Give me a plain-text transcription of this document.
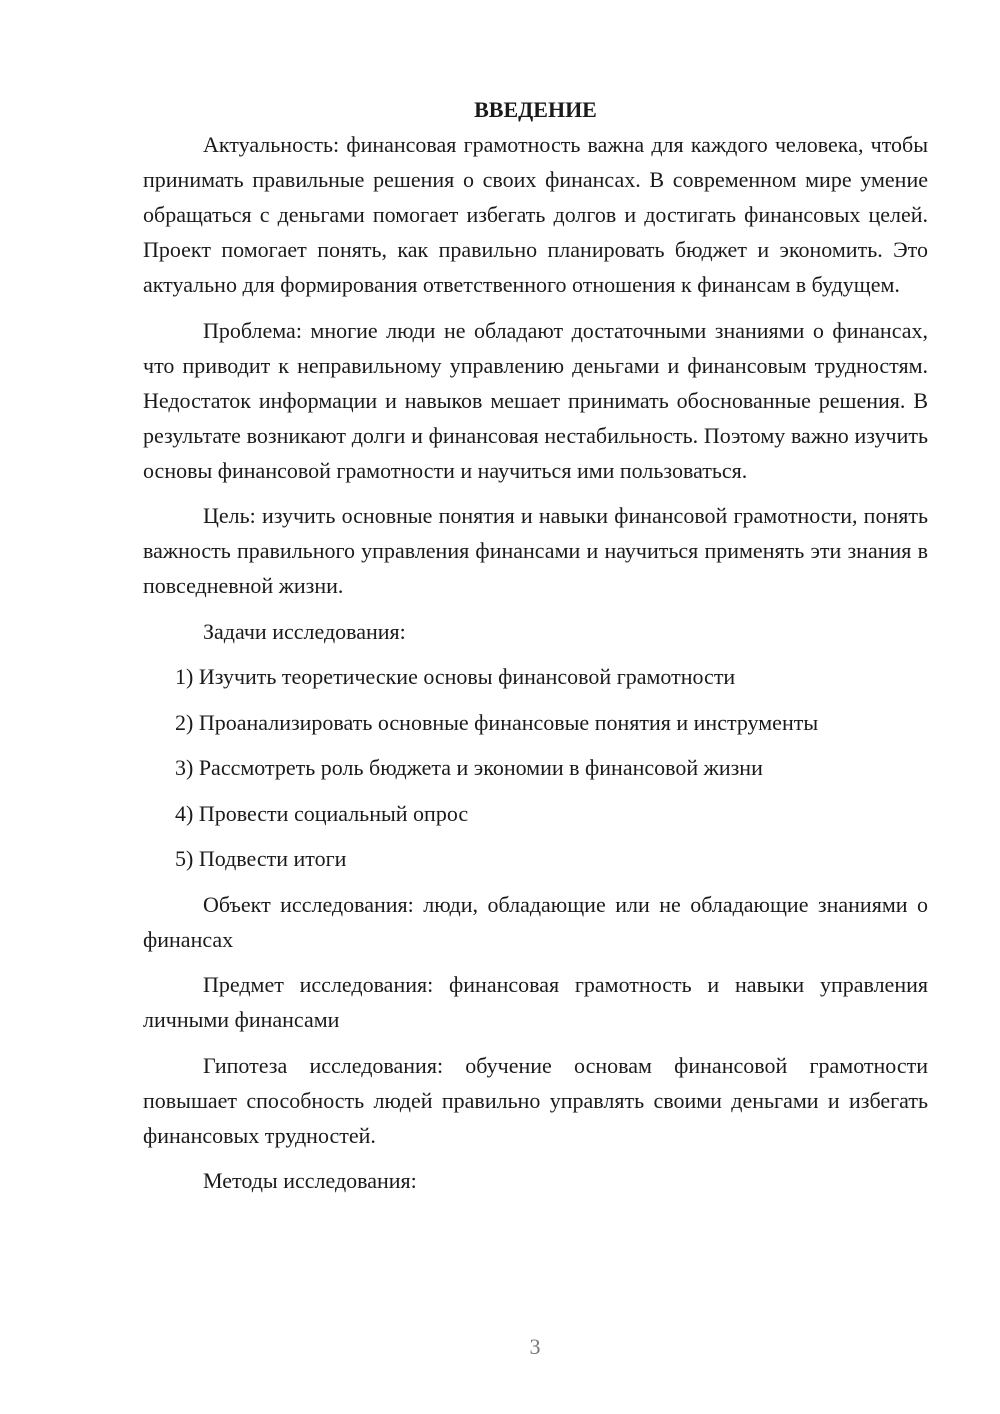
ВВЕДЕНИЕ

Актуальность: финансовая грамотность важна для каждого человека, чтобы принимать правильные решения о своих финансах. В современном мире умение обращаться с деньгами помогает избегать долгов и достигать финансовых целей. Проект помогает понять, как правильно планировать бюджет и экономить. Это актуально для формирования ответственного отношения к финансам в будущем.

Проблема: многие люди не обладают достаточными знаниями о финансах, что приводит к неправильному управлению деньгами и финансовым трудностям. Недостаток информации и навыков мешает принимать обоснованные решения. В результате возникают долги и финансовая нестабильность. Поэтому важно изучить основы финансовой грамотности и научиться ими пользоваться.

Цель: изучить основные понятия и навыки финансовой грамотности, понять важность правильного управления финансами и научиться применять эти знания в повседневной жизни.

Задачи исследования:

1) Изучить теоретические основы финансовой грамотности

2) Проанализировать основные финансовые понятия и инструменты

3) Рассмотреть роль бюджета и экономии в финансовой жизни

4) Провести социальный опрос

5) Подвести итоги

Объект исследования: люди, обладающие или не обладающие знаниями о финансах

Предмет исследования: финансовая грамотность и навыки управления личными финансами

Гипотеза исследования: обучение основам финансовой грамотности повышает способность людей правильно управлять своими деньгами и избегать финансовых трудностей.

Методы исследования:

3
